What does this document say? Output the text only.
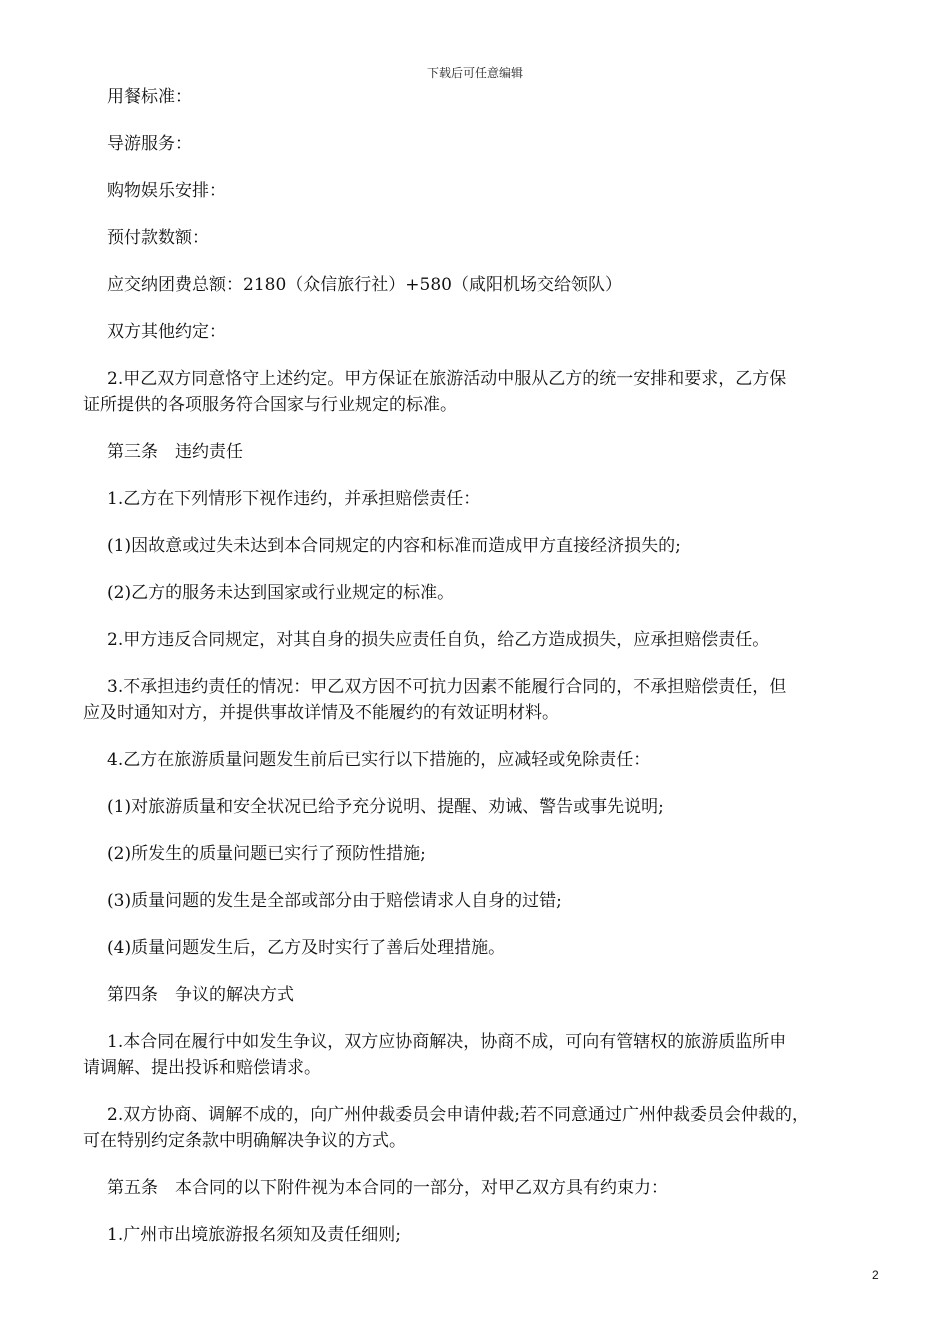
下载后可任意编辑

用餐标准：

导游服务：

购物娱乐安排：

预付款数额：

应交纳团费总额：2180（众信旅行社）+580（咸阳机场交给领队）

双方其他约定：

2.甲乙双方同意恪守上述约定。甲方保证在旅游活动中服从乙方的统一安排和要求，乙方保

证所提供的各项服务符合国家与行业规定的标准。

第三条　违约责任

1.乙方在下列情形下视作违约，并承担赔偿责任：

(1)因故意或过失未达到本合同规定的内容和标准而造成甲方直接经济损失的;

(2)乙方的服务未达到国家或行业规定的标准。

2.甲方违反合同规定，对其自身的损失应责任自负，给乙方造成损失，应承担赔偿责任。

3.不承担违约责任的情况：甲乙双方因不可抗力因素不能履行合同的，不承担赔偿责任，但

应及时通知对方，并提供事故详情及不能履约的有效证明材料。

4.乙方在旅游质量问题发生前后已实行以下措施的，应减轻或免除责任：

(1)对旅游质量和安全状况已给予充分说明、提醒、劝诫、警告或事先说明;

(2)所发生的质量问题已实行了预防性措施;

(3)质量问题的发生是全部或部分由于赔偿请求人自身的过错;

(4)质量问题发生后，乙方及时实行了善后处理措施。

第四条　争议的解决方式

1.本合同在履行中如发生争议，双方应协商解决，协商不成，可向有管辖权的旅游质监所申

请调解、提出投诉和赔偿请求。

2.双方协商、调解不成的，向广州仲裁委员会申请仲裁;若不同意通过广州仲裁委员会仲裁的，

可在特别约定条款中明确解决争议的方式。

第五条　本合同的以下附件视为本合同的一部分，对甲乙双方具有约束力：

1.广州市出境旅游报名须知及责任细则;

2
